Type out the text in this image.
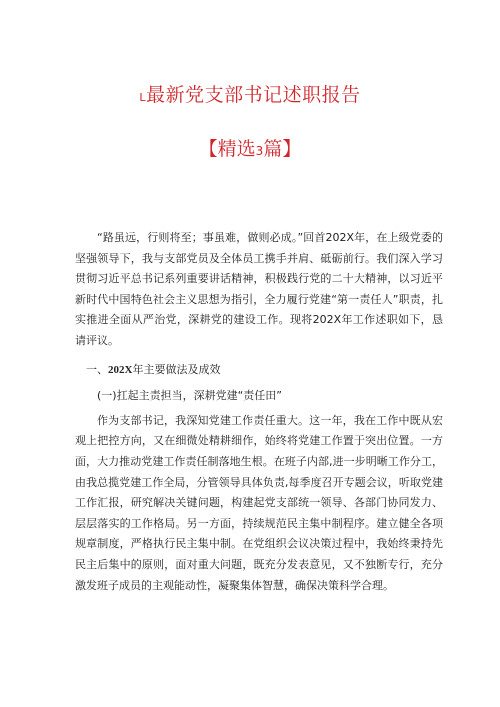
L最新党支部书记述职报告
【精选3篇】

“路虽远，行则将至；事虽难，做则必成。”回首202X年，在上级党委的坚强领导下，我与支部党员及全体员工携手并肩、砥砺前行。我们深入学习贯彻习近平总书记系列重要讲话精神，积极践行党的二十大精神，以习近平新时代中国特色社会主义思想为指引，全力履行党建“第一责任人”职责，扎实推进全面从严治党，深耕党的建设工作。现将202X年工作述职如下，恳请评议。

一、202X年主要做法及成效

(一)扛起主责担当，深耕党建“责任田”

作为支部书记，我深知党建工作责任重大。这一年，我在工作中既从宏观上把控方向，又在细微处精耕细作，始终将党建工作置于突出位置。一方面，大力推动党建工作责任制落地生根。在班子内部,进一步明晰工作分工，由我总揽党建工作全局，分管领导具体负责,每季度召开专题会议，听取党建工作汇报，研究解决关键问题，构建起党支部统一领导、各部门协同发力、层层落实的工作格局。另一方面，持续规范民主集中制程序。建立健全各项规章制度，严格执行民主集中制。在党组织会议决策过程中，我始终秉持先民主后集中的原则，面对重大问题，既充分发表意见，又不独断专行，充分激发班子成员的主观能动性，凝聚集体智慧，确保决策科学合理。
